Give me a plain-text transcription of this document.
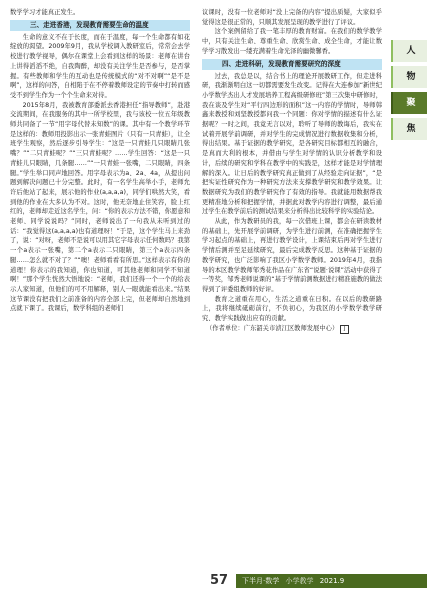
数学学习才能真正发生。

三、走进香港，发现教育需要生命的温度

生命的意义不在于长度，而在于温度，每一个生命都有如花绽放的渴望。2009年9月，我从学校调入教研室后，常常会去学校进行教学视导，偶尔在课堂上会看到这样的场景：老师在讲台上讲得滔滔不绝，自我陶醉，却没有关注学生是否参与，是否掌握。有些教师和学生的互动也是传统模式的“对不对啊”“是不是啊”，这样的问答，自相陷于在不停着教师设定的节奏中打转而感受不到学生作为一个个生命来对待。

2015年8月，我被教育部委派去香港担任“指导教师”，赴港交流期间，在我服务的其中一所学校里，我与该校一位五年级教师共同备了一节“用字母代替未知数”的课。其中有一个教学环节是这样的：教师用投影出示一张青蛙图片（只有一只青蛙），让全班学生观察，然后逐步引导学生：“这是一只青蛙几只眼睛几张嘴？”“二只青蛙呢？”“三只青蛙呢？……学生回答：“这是一只青蛙儿只眼睛，几条腿……”“一只青蛙一张嘴，二只眼睛，四条腿。”学生举口同声地回答。用字母表示为a、2a、4a，从提出问题到解决问题已十分完整。此时，有一名学生高举小手，老师允许后他站了起来，展示他的作业(a,a,a,a)，同学们哄然大笑，看到他的作业在大多认为不对。这时，他无奈地止住笑容，脸上红红的，老师却走近这名学生，问：“你的表示方法不错，你愿意和老师、同学说说吗？”同时，老师说出了一句我从未听到过的话：“我觉得这(a,a,a,a)也有道理呀！”于是，这个学生马上来劲了，说：“对呀，老师不是说可以用其它字母表示任何数吗？我第一个a表示一张嘴，第二个a表示二只眼睛，第三个a表示四条腿……怎么就不对了？”“噢！老师看看有所思。”这样表示有你的道理！你表示的我知道，你也知道，可其他老师和同学不知道啊！”那个学生恍然大悟地说：“老师，我们还得一个一个的给表示人家知道，但他们的可不用解释，别人一眼就能看出来。”结果这节课没有把我们之前准备的内容全部上完，但老师却自然地到点就下课了。我课后，数学科组的老师们

议课时，没有一位老师对“没上完备的内容”提出质疑，大家似乎觉得这是很正常的，只顺其发展呈现的教学进行了评议。

这个案例留给了我一笔丰厚的教育财富。在我们的数学教学中，只有关注生命、尊重生命、欣赏生命、成全生命，才能让数学学习散发出一缕充满着生命光泽的幽微馨香。

四、走进科研，发现教育需要研究的深度

过去，我总是以，结合书上的理论开展教研工作，但走进科研，我渐渐明白这一切都需要发生改变。记得在大连参加“新世纪小学数学杰出人才发展培养工程高级研修班”第三次集中研修时，我在谈及学生对“平行四边形的面积”这一内容的学情时，导师韩鑫来教授和刘坚教授都问我一个同题：你对学情的描述有什么证据呢？一时之间，我竟无言以对，聆听了导师的教诲后，我实在试着开展学前调研，并对学生的完成情况进行数据收集和分析，得出结果。基于证据的教学研究，是各研究目标都相互的融合，是真而大利的根本，并借由与学生对学情的认识分析教学和设计，后续的研究和学科在教学中的实践是，这样才能是对学情理解的深入。让日后的教学研究真正做到了从经验走向证据”，“是把实证性研究作为一种研究方法来支撑教学研究和教学效果。让数据研究为我们的教学研究作了有效的指导。我就能用数据帮我更精准地分析和把握学情，并据此对教学内容进行调整，最后通过学生在教学前后的测试结果来分析得出比较科学的实验结论。

从此，作为教研员的我，每一次借班上课，都会在研读教材的基础上，先开展学前调研，为学生进行前测，在准确把握学生学习起点的基础上，再进行教学设计，上课结束后再对学生进行学情后测并至足延续研究，最后完成教学反思。这种基于证据的教学研究，也广泛影响了我区小学数学教师。2019年4月，我指导的本区教学教师邹秀花作品在广东省“说题·说课”活动中获得了一等奖，邹秀老师说课的“基于学情前测数据进行精准施教的做法得到了评委组教师的好评。

教育之道重在用心，生活之道重在日积。在以后的教研路上，我将继续砥砺前行，不负初心，为我区的小学数学教学研究、教学实践做出应有的贡献。

（作者单位：广东韶关市浈江区教师发展中心） J

人
物
聚
焦
57	下半月·数学 小学教学 2021.9
